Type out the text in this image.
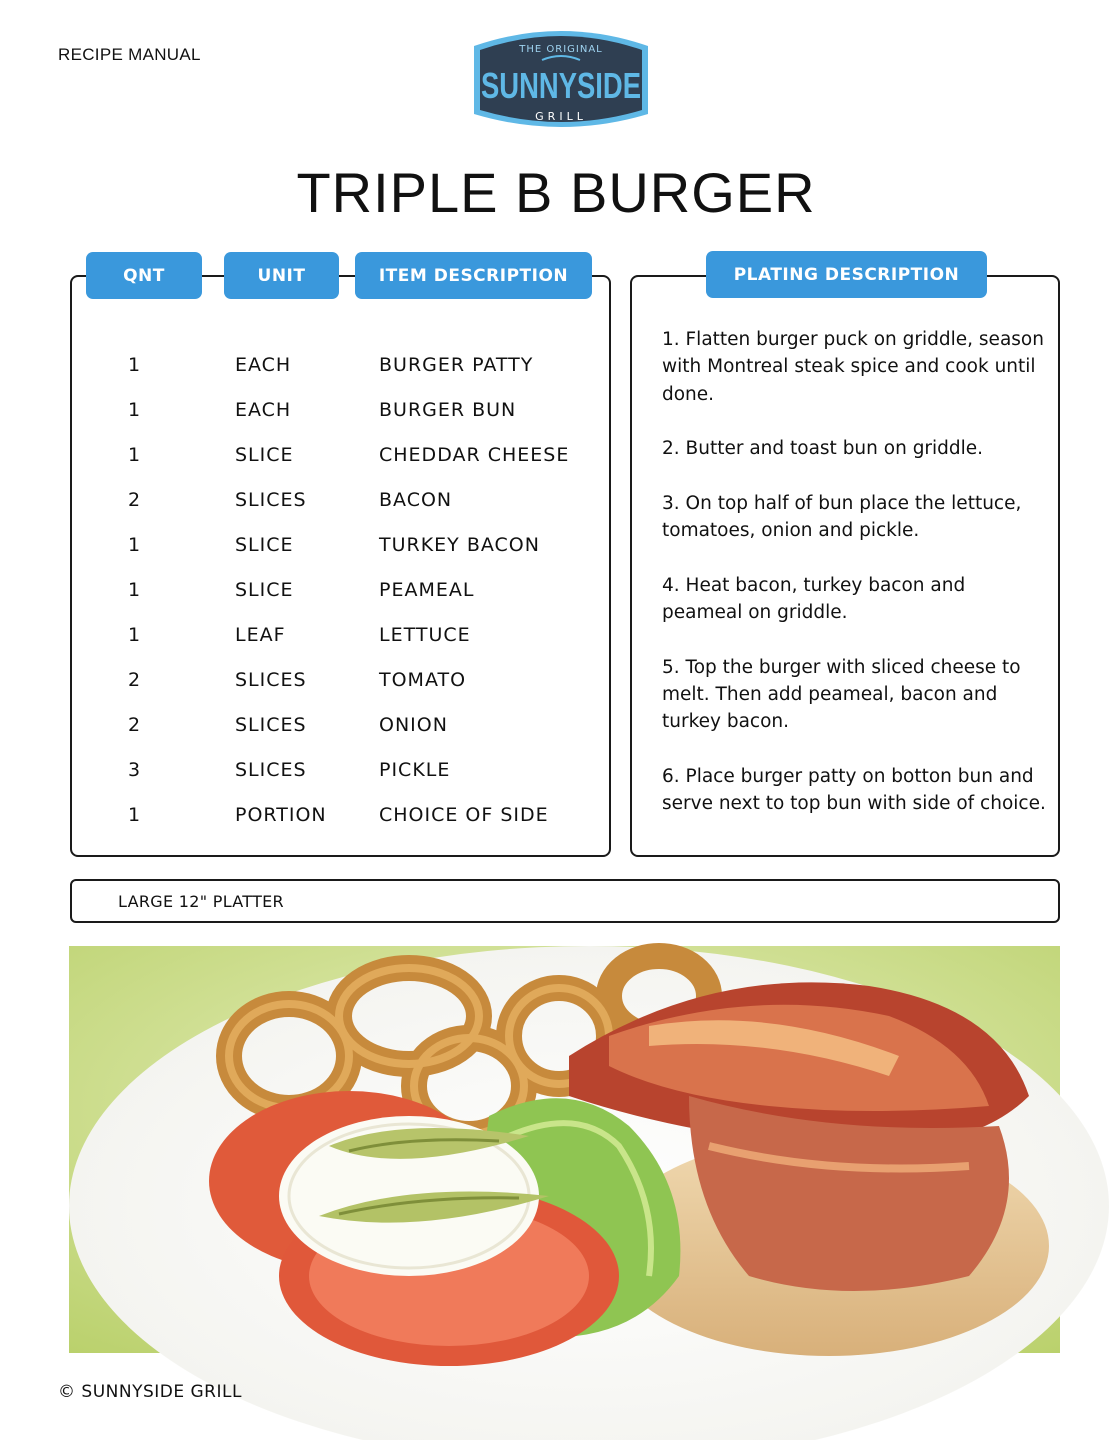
RECIPE MANUAL	THE ORIGINAL
SUNNYSIDE
GRILL
TRIPLE B BURGER
QNT	UNIT	ITEM DESCRIPTION	PLATING DESCRIPTION
1	EACH	BURGER PATTY
1	EACH	BURGER BUN
1	SLICE	CHEDDAR CHEESE
2	SLICES	BACON
1	SLICE	TURKEY BACON
1	SLICE	PEAMEAL
1	LEAF	LETTUCE
2	SLICES	TOMATO
2	SLICES	ONION
3	SLICES	PICKLE
1	PORTION	CHOICE OF SIDE

1. Flatten burger puck on griddle, season with Montreal steak spice and cook until done.

2. Butter and toast bun on griddle.

3. On top half of bun place the lettuce, tomatoes, onion and pickle.

4. Heat bacon, turkey bacon and peameal on griddle.

5. Top the burger with sliced cheese to melt. Then add peameal, bacon and turkey bacon.

6. Place burger patty on botton bun and serve next to top bun with side of choice.

LARGE 12" PLATTER
© SUNNYSIDE GRILL
